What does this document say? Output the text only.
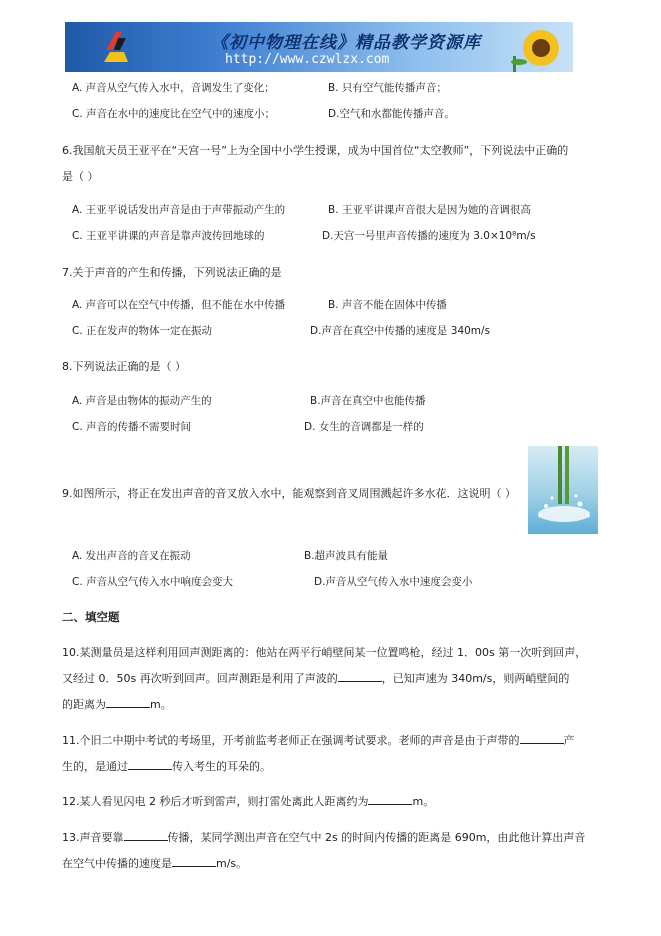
《初中物理在线》精品教学资源库
http://www.czwlzx.com
A. 声音从空气传入水中，音调发生了变化；	B. 只有空气能传播声音；
C. 声音在水中的速度比在空气中的速度小；	D.空气和水都能传播声音。
6.我国航天员王亚平在“天宫一号”上为全国中小学生授课，成为中国首位“太空教师”，下列说法中正确的
是（ ）
A. 王亚平说话发出声音是由于声带振动产生的	B. 王亚平讲课声音很大是因为她的音调很高
C. 王亚平讲课的声音是靠声波传回地球的	D.天宫一号里声音传播的速度为 3.0×10⁸m/s
7.关于声音的产生和传播，下列说法正确的是
A. 声音可以在空气中传播，但不能在水中传播	B. 声音不能在固体中传播
C. 正在发声的物体一定在振动	D.声音在真空中传播的速度是 340m/s
8.下列说法正确的是（ ）
A. 声音是由物体的振动产生的	B.声音在真空中也能传播
C. 声音的传播不需要时间	D. 女生的音调都是一样的
9.如图所示，将正在发出声音的音叉放入水中，能观察到音叉周围溅起许多水花．这说明（ ）
A. 发出声音的音叉在振动	B.超声波具有能量
C. 声音从空气传入水中响度会变大	D.声音从空气传入水中速度会变小
二、填空题
10.某测量员是这样利用回声测距离的：他站在两平行峭壁间某一位置鸣枪，经过 1．00s 第一次听到回声，
又经过 0．50s 再次听到回声。回声测距是利用了声波的	，已知声速为 340m/s，则两峭壁间的
的距离为	m。
11.个旧二中期中考试的考场里，开考前监考老师正在强调考试要求。老师的声音是由于声带的	产
生的，是通过	传入考生的耳朵的。
12.某人看见闪电 2 秒后才听到雷声，则打雷处离此人距离约为	m。
13.声音要靠	传播，某同学测出声音在空气中 2s 的时间内传播的距离是 690m，由此他计算出声音
在空气中传播的速度是	m/s。
